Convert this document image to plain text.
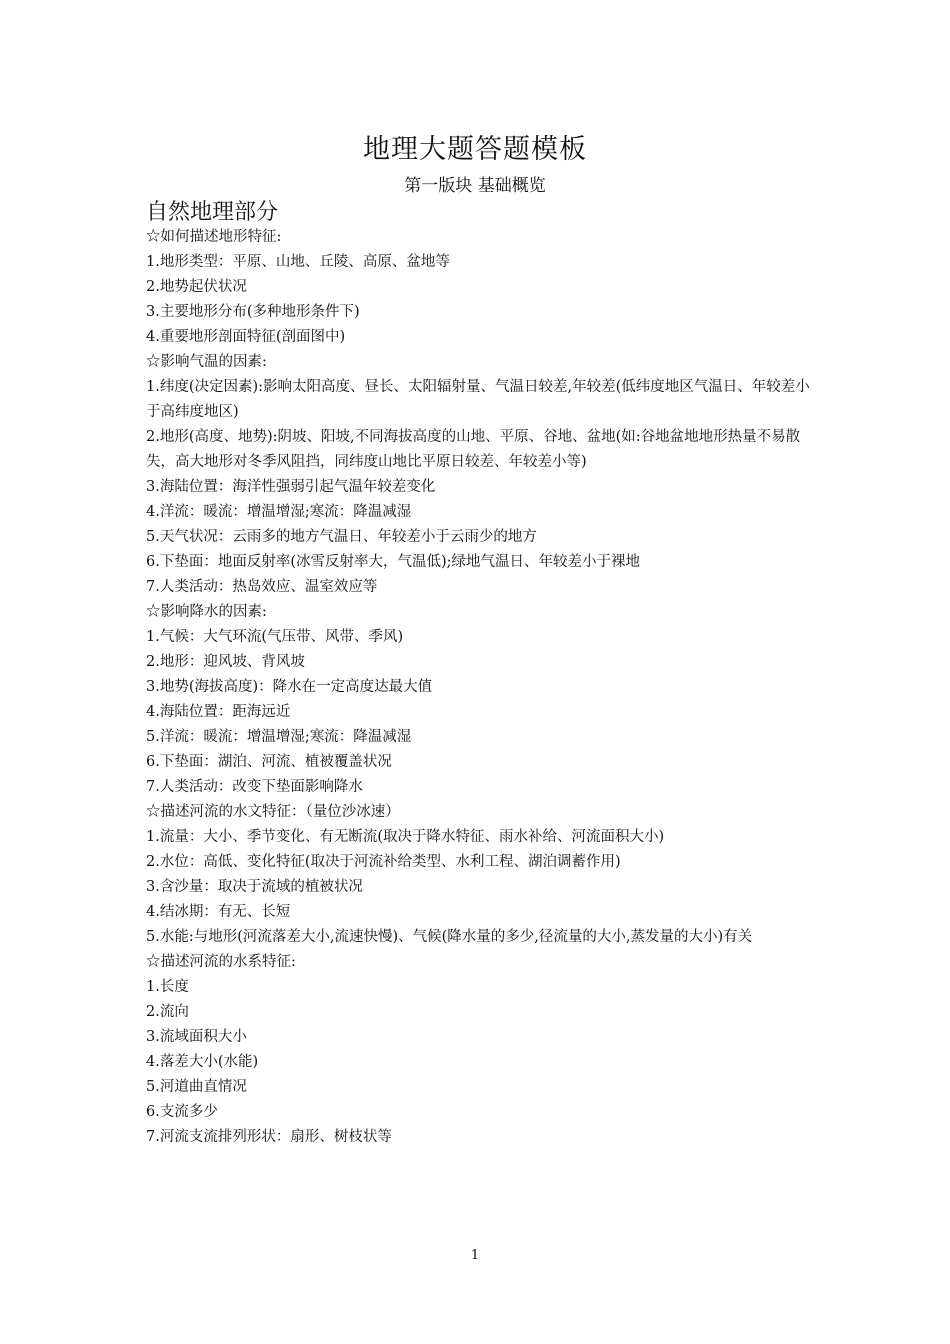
地理大题答题模板
第一版块 基础概览
自然地理部分
☆如何描述地形特征:
1.地形类型：平原、山地、丘陵、高原、盆地等
2.地势起伏状况
3.主要地形分布(多种地形条件下)
4.重要地形剖面特征(剖面图中)
☆影响气温的因素:
1.纬度(决定因素):影响太阳高度、昼长、太阳辐射量、气温日较差,年较差(低纬度地区气温日、年较差小于高纬度地区)
2.地形(高度、地势):阴坡、阳坡,不同海拔高度的山地、平原、谷地、盆地(如:谷地盆地地形热量不易散失，高大地形对冬季风阻挡，同纬度山地比平原日较差、年较差小等)
3.海陆位置：海洋性强弱引起气温年较差变化
4.洋流：暖流：增温增湿;寒流：降温减湿
5.天气状况：云雨多的地方气温日、年较差小于云雨少的地方
6.下垫面：地面反射率(冰雪反射率大，气温低);绿地气温日、年较差小于裸地
7.人类活动：热岛效应、温室效应等
☆影响降水的因素:
1.气候：大气环流(气压带、风带、季风)
2.地形：迎风坡、背风坡
3.地势(海拔高度)：降水在一定高度达最大值
4.海陆位置：距海远近
5.洋流：暖流：增温增湿;寒流：降温减湿
6.下垫面：湖泊、河流、植被覆盖状况
7.人类活动：改变下垫面影响降水
☆描述河流的水文特征：（量位沙冰速）
1.流量：大小、季节变化、有无断流(取决于降水特征、雨水补给、河流面积大小)
2.水位：高低、变化特征(取决于河流补给类型、水利工程、湖泊调蓄作用)
3.含沙量：取决于流域的植被状况
4.结冰期：有无、长短
5.水能:与地形(河流落差大小,流速快慢)、气候(降水量的多少,径流量的大小,蒸发量的大小)有关
☆描述河流的水系特征:
1.长度
2.流向
3.流域面积大小
4.落差大小(水能)
5.河道曲直情况
6.支流多少
7.河流支流排列形状：扇形、树枝状等
1
